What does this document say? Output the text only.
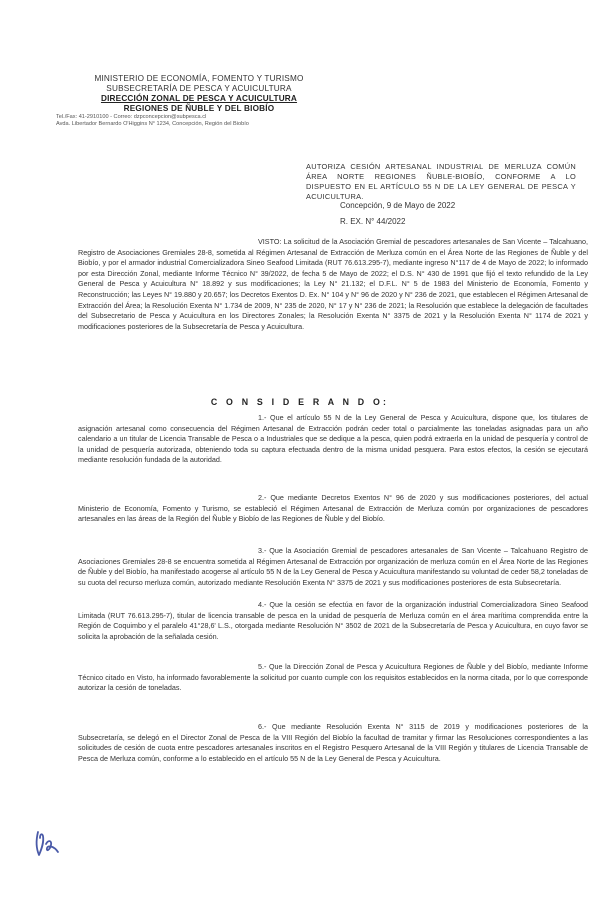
MINISTERIO DE ECONOMÍA, FOMENTO Y TURISMO
SUBSECRETARÍA DE PESCA Y ACUICULTURA
DIRECCIÓN ZONAL DE PESCA Y ACUICULTURA
REGIONES DE ÑUBLE Y DEL BIOBÍO
Tel./Fax: 41-2910100 - Correo: dzpconcepcion@subpesca.cl
Avda. Libertador Bernardo O'Higgins N° 1234, Concepción, Región del Biobío
AUTORIZA CESIÓN ARTESANAL INDUSTRIAL DE MERLUZA COMÚN ÁREA NORTE REGIONES ÑUBLE-BIOBÍO, CONFORME A LO DISPUESTO EN EL ARTÍCULO 55 N DE LA LEY GENERAL DE PESCA Y ACUICULTURA.
Concepción, 9 de Mayo de 2022
R. EX. N° 44/2022
VISTO: La solicitud de la Asociación Gremial de pescadores artesanales de San Vicente – Talcahuano, Registro de Asociaciones Gremiales 28-8, sometida al Régimen Artesanal de Extracción de Merluza común en el Área Norte de las Regiones de Ñuble y del Biobío, y por el armador industrial Comercializadora Sineo Seafood Limitada (RUT 76.613.295-7), mediante ingreso N°117 de 4 de Mayo de 2022; lo informado por esta Dirección Zonal, mediante Informe Técnico N° 39/2022, de fecha 5 de Mayo de 2022; el D.S. N° 430 de 1991 que fijó el texto refundido de la Ley General de Pesca y Acuicultura N° 18.892 y sus modificaciones; la Ley N° 21.132; el D.F.L. N° 5 de 1983 del Ministerio de Economía, Fomento y Reconstrucción; las Leyes N° 19.880 y 20.657; los Decretos Exentos D. Ex. N° 104 y N° 96 de 2020 y N° 236 de 2021, que establecen el Régimen Artesanal de Extracción del Área; la Resolución Exenta N° 1.734 de 2009, N° 235 de 2020, N° 17 y N° 236 de 2021; la Resolución que establece la delegación de facultades del Subsecretario de Pesca y Acuicultura en los Directores Zonales; la Resolución Exenta N° 3375 de 2021 y la Resolución Exenta N° 1174 de 2021 y modificaciones posteriores de la Subsecretaría de Pesca y Acuicultura.
C O N S I D E R A N D O:
1.- Que el artículo 55 N de la Ley General de Pesca y Acuicultura, dispone que, los titulares de asignación artesanal como consecuencia del Régimen Artesanal de Extracción podrán ceder total o parcialmente las toneladas asignadas para un año calendario a un titular de Licencia Transable de Pesca o a Industriales que se dedique a la pesca, quien podrá extraerla en la unidad de pesquería y control de la unidad de pesquería autorizada, obteniendo toda su captura efectuada dentro de la misma unidad pesquera. Para estos efectos, la cesión se ejecutará mediante resolución fundada de la autoridad.
2.- Que mediante Decretos Exentos N° 96 de 2020 y sus modificaciones posteriores, del actual Ministerio de Economía, Fomento y Turismo, se estableció el Régimen Artesanal de Extracción de Merluza común por organizaciones de pescadores artesanales en las áreas de la Región del Ñuble y Biobío de las Regiones de Ñuble y del Biobío.
3.- Que la Asociación Gremial de pescadores artesanales de San Vicente – Talcahuano Registro de Asociaciones Gremiales 28-8 se encuentra sometida al Régimen Artesanal de Extracción por organización de merluza común en el Área Norte de las Regiones de Ñuble y del Biobío, ha manifestado acogerse al artículo 55 N de la Ley General de Pesca y Acuicultura manifestando su voluntad de ceder 58,2 toneladas de su cuota del recurso merluza común, autorizado mediante Resolución Exenta N° 3375 de 2021 y sus modificaciones posteriores de esta Subsecretaría.
4.- Que la cesión se efectúa en favor de la organización industrial Comercializadora Sineo Seafood Limitada (RUT 76.613.295-7), titular de licencia transable de pesca en la unidad de pesquería de Merluza común en el área marítima comprendida entre la Región de Coquimbo y el paralelo 41°28,6' L.S., otorgada mediante Resolución N° 3502 de 2021 de la Subsecretaría de Pesca y Acuicultura, en cuyo favor se solicita la aprobación de la señalada cesión.
5.- Que la Dirección Zonal de Pesca y Acuicultura Regiones de Ñuble y del Biobío, mediante Informe Técnico citado en Visto, ha informado favorablemente la solicitud por cuanto cumple con los requisitos establecidos en la norma citada, por lo que corresponde autorizar la cesión de toneladas.
6.- Que mediante Resolución Exenta N° 3115 de 2019 y modificaciones posteriores de la Subsecretaría, se delegó en el Director Zonal de Pesca de la VIII Región del Biobío la facultad de tramitar y firmar las Resoluciones correspondientes a las solicitudes de cesión de cuota entre pescadores artesanales inscritos en el Registro Pesquero Artesanal de la VIII Región y titulares de Licencia Transable de Pesca de Merluza común, conforme a lo establecido en el artículo 55 N de la Ley General de Pesca y Acuicultura.
